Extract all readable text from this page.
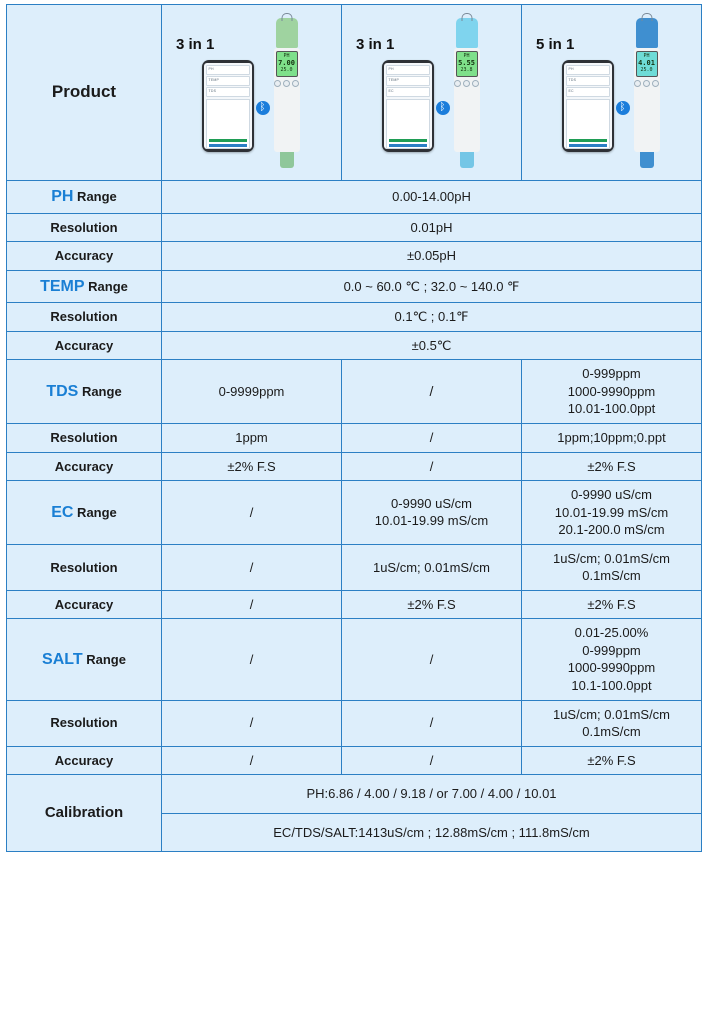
Product	
3 in 1
PH
TEMP
TDS
ᛒ
PH
7.00
25.0

3 in 1
PH
TEMP
EC
ᛒ
PH
5.55
23.8

5 in 1
PH
TDS
EC
ᛒ
PH
4.01
25.0

PH Range	0.00-14.00pH		
Resolution	0.01pH		
Accuracy	±0.05pH		
TEMP Range	0.0 ~ 60.0 ℃ ; 32.0 ~ 140.0 ℉		
Resolution	0.1℃ ; 0.1℉		
Accuracy	±0.5℃		
TDS Range	0-9999ppm	/	0-999ppm
1000-9990ppm
10.01-100.0ppt

Resolution	1ppm	/	1ppm;10ppm;0.ppt
Accuracy	±2% F.S	/	±2% F.S
EC Range	/	0-9990 uS/cm
10.01-19.99 mS/cm	0-9990 uS/cm
10.01-19.99 mS/cm
20.1-200.0 mS/cm

Resolution	/	1uS/cm; 0.01mS/cm	1uS/cm; 0.01mS/cm
0.1mS/cm

Accuracy	/	±2% F.S	±2% F.S
SALT Range	/	/	0.01-25.00%
0-999ppm
1000-9990ppm
10.1-100.0ppt

Resolution	/	/	1uS/cm; 0.01mS/cm
0.1mS/cm

Accuracy	/	/	±2% F.S
Calibration	PH:6.86 / 4.00 / 9.18 / or 7.00 / 4.00 / 10.01		
	EC/TDS/SALT:1413uS/cm ; 12.88mS/cm ; 111.8mS/cm		
